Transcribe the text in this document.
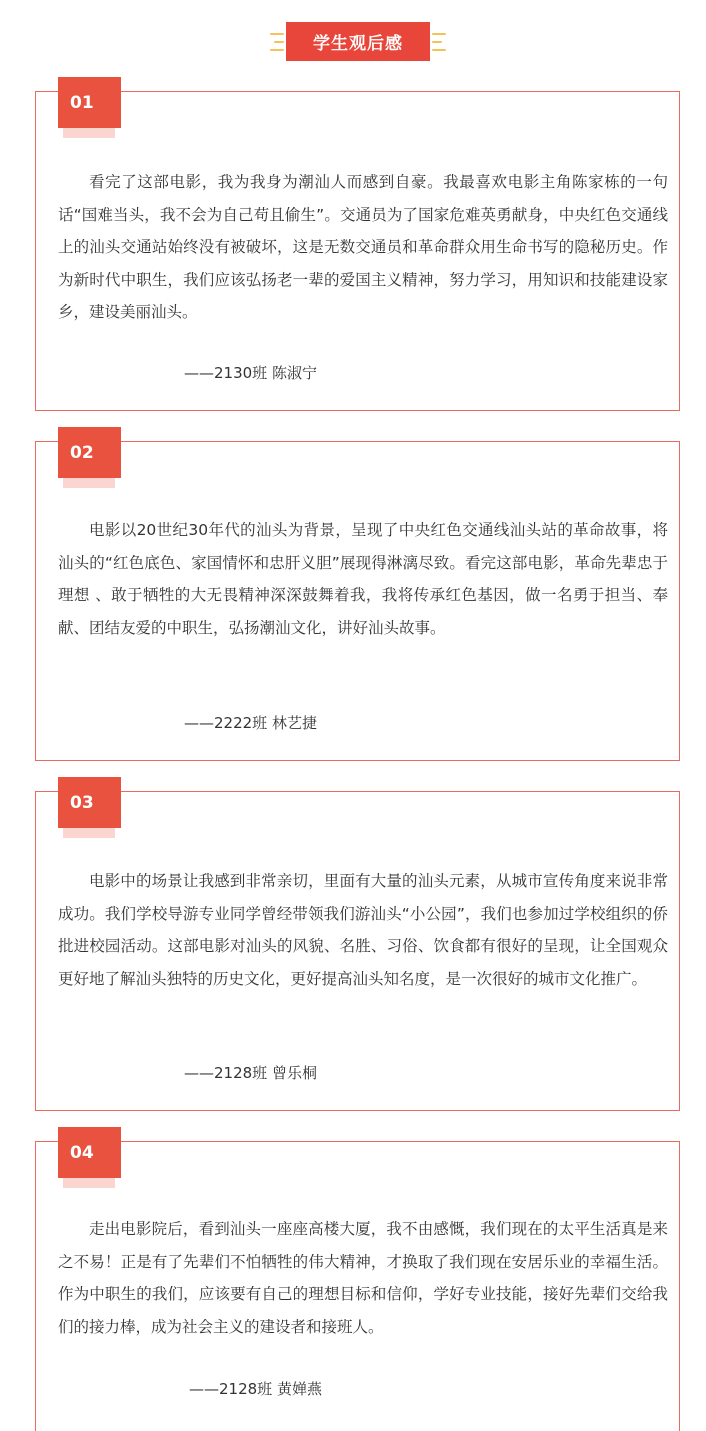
学生观后感
01

看完了这部电影，我为我身为潮汕人而感到自豪。我最喜欢电影主角陈家栋的一句话“国难当头，我不会为自己苟且偷生”。交通员为了国家危难英勇献身，中央红色交通线上的汕头交通站始终没有被破坏，这是无数交通员和革命群众用生命书写的隐秘历史。作为新时代中职生，我们应该弘扬老一辈的爱国主义精神，努力学习，用知识和技能建设家乡，建设美丽汕头。

——2130班 陈淑宁
02

电影以20世纪30年代的汕头为背景，呈现了中央红色交通线汕头站的革命故事，将汕头的“红色底色、家国情怀和忠肝义胆”展现得淋漓尽致。看完这部电影，革命先辈忠于理想 、敢于牺牲的大无畏精神深深鼓舞着我，我将传承红色基因，做一名勇于担当、奉献、团结友爱的中职生，弘扬潮汕文化，讲好汕头故事。

——2222班 林艺捷
03

电影中的场景让我感到非常亲切，里面有大量的汕头元素，从城市宣传角度来说非常成功。我们学校导游专业同学曾经带领我们游汕头“小公园”，我们也参加过学校组织的侨批进校园活动。这部电影对汕头的风貌、名胜、习俗、饮食都有很好的呈现，让全国观众更好地了解汕头独特的历史文化，更好提高汕头知名度，是一次很好的城市文化推广。

——2128班 曾乐桐
04

走出电影院后，看到汕头一座座高楼大厦，我不由感慨，我们现在的太平生活真是来之不易！正是有了先辈们不怕牺牲的伟大精神，才换取了我们现在安居乐业的幸福生活。作为中职生的我们，应该要有自己的理想目标和信仰，学好专业技能，接好先辈们交给我们的接力棒，成为社会主义的建设者和接班人。

——2128班 黄婵燕
